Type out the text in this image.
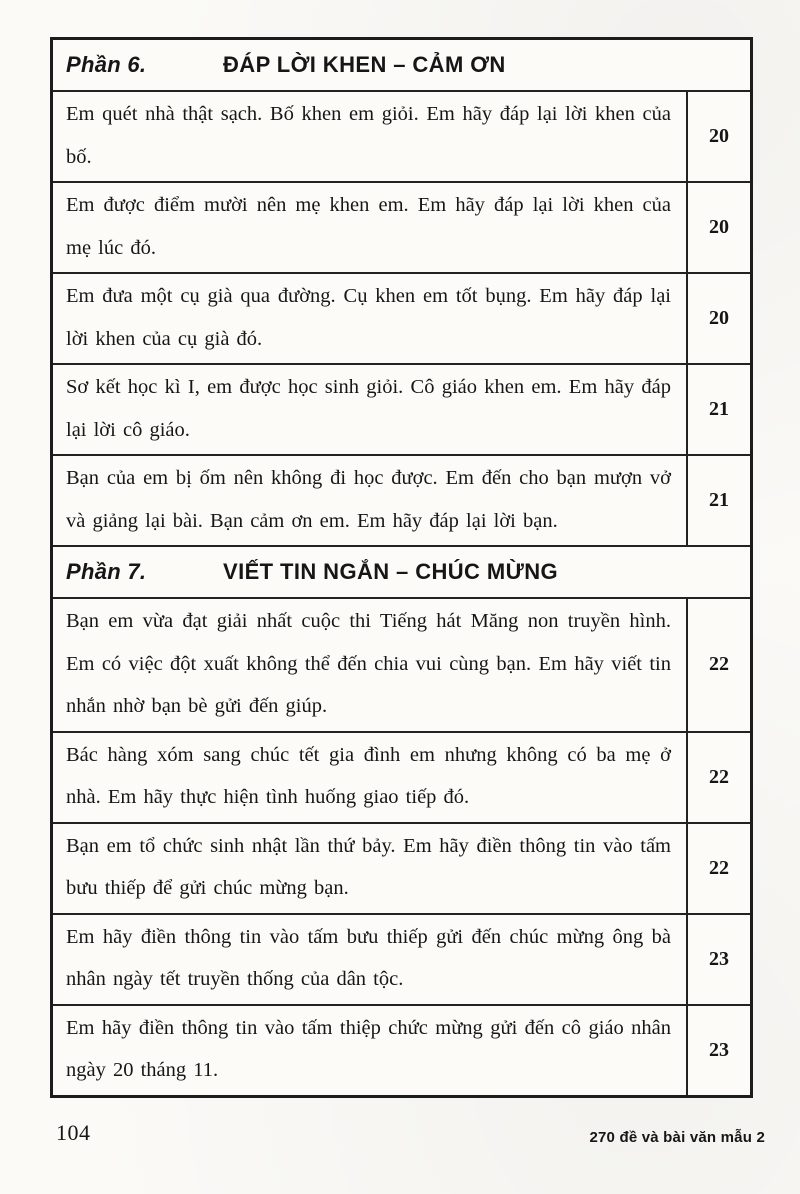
Phần 6.	ĐÁP LỜI KHEN – CẢM ƠN
Em quét nhà thật sạch. Bố khen em giỏi. Em hãy đáp lại lời khen của bố.
20
Em được điểm mười nên mẹ khen em. Em hãy đáp lại lời khen của mẹ lúc đó.
20
Em đưa một cụ già qua đường. Cụ khen em tốt bụng. Em hãy đáp lại lời khen của cụ già đó.
20
Sơ kết học kì I, em được học sinh giỏi. Cô giáo khen em. Em hãy đáp lại lời cô giáo.
21
Bạn của em bị ốm nên không đi học được. Em đến cho bạn mượn vở và giảng lại bài. Bạn cảm ơn em. Em hãy đáp lại lời bạn.
21
Phần 7.	VIẾT TIN NGẮN – CHÚC MỪNG
Bạn em vừa đạt giải nhất cuộc thi Tiếng hát Măng non truyền hình. Em có việc đột xuất không thể đến chia vui cùng bạn. Em hãy viết tin nhắn nhờ bạn bè gửi đến giúp.
22
Bác hàng xóm sang chúc tết gia đình em nhưng không có ba mẹ ở nhà. Em hãy thực hiện tình huống giao tiếp đó.
22
Bạn em tổ chức sinh nhật lần thứ bảy. Em hãy điền thông tin vào tấm bưu thiếp để gửi chúc mừng bạn.
22
Em hãy điền thông tin vào tấm bưu thiếp gửi đến chúc mừng ông bà nhân ngày tết truyền thống của dân tộc.
23
Em hãy điền thông tin vào tấm thiệp chức mừng gửi đến cô giáo nhân ngày 20 tháng 11.
23
104	270 đề và bài văn mẫu 2
